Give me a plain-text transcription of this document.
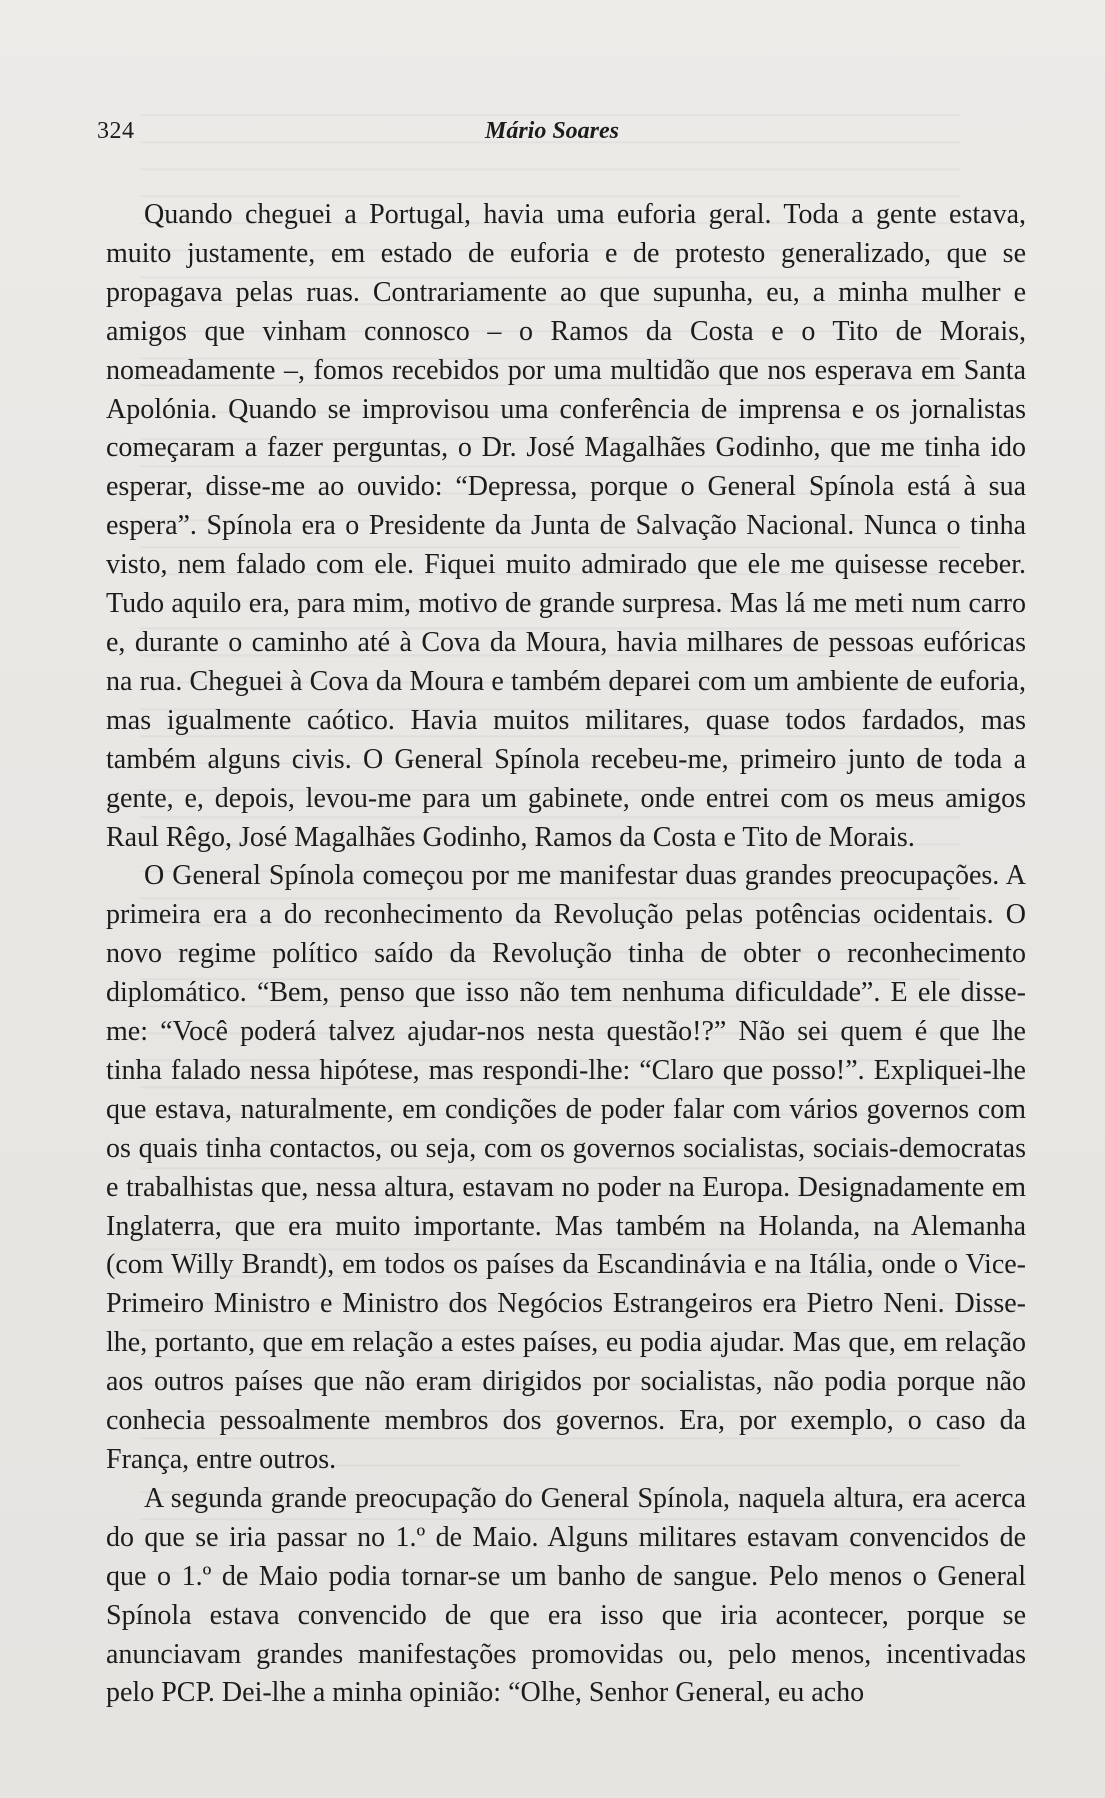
324	Mário Soares

Quando cheguei a Portugal, havia uma euforia geral. Toda a gente estava, muito justamente, em estado de euforia e de protesto generalizado, que se propagava pelas ruas. Contrariamente ao que supunha, eu, a minha mulher e amigos que vinham connosco – o Ramos da Costa e o Tito de Morais, nomeadamente –, fomos recebidos por uma multidão que nos esperava em Santa Apolónia. Quando se improvisou uma conferência de imprensa e os jornalistas começaram a fazer perguntas, o Dr. José Magalhães Godinho, que me tinha ido esperar, disse-me ao ouvido: “Depressa, porque o General Spínola está à sua espera”. Spínola era o Presidente da Junta de Salvação Nacional. Nunca o tinha visto, nem falado com ele. Fiquei muito admirado que ele me quisesse receber. Tudo aquilo era, para mim, motivo de grande surpresa. Mas lá me meti num carro e, durante o caminho até à Cova da Moura, havia milhares de pessoas eufóricas na rua. Cheguei à Cova da Moura e também deparei com um ambiente de euforia, mas igualmente caótico. Havia muitos militares, quase todos fardados, mas também alguns civis. O General Spínola recebeu-me, primeiro junto de toda a gente, e, depois, levou-me para um gabinete, onde entrei com os meus amigos Raul Rêgo, José Magalhães Godinho, Ramos da Costa e Tito de Morais.

O General Spínola começou por me manifestar duas grandes preocupações. A primeira era a do reconhecimento da Revolução pelas potências ocidentais. O novo regime político saído da Revolução tinha de obter o reconhecimento diplomático. “Bem, penso que isso não tem nenhuma dificuldade”. E ele disse-me: “Você poderá talvez ajudar-nos nesta questão!?” Não sei quem é que lhe tinha falado nessa hipótese, mas respondi-lhe: “Claro que posso!”. Expliquei-lhe que estava, naturalmente, em condições de poder falar com vários governos com os quais tinha contactos, ou seja, com os governos socialistas, sociais-democratas e trabalhistas que, nessa altura, estavam no poder na Europa. Designadamente em Inglaterra, que era muito importante. Mas também na Holanda, na Alemanha (com Willy Brandt), em todos os países da Escandinávia e na Itália, onde o Vice-Primeiro Ministro e Ministro dos Negócios Estrangeiros era Pietro Neni. Disse-lhe, portanto, que em relação a estes países, eu podia ajudar. Mas que, em relação aos outros países que não eram dirigidos por socialistas, não podia porque não conhecia pessoalmente membros dos governos. Era, por exemplo, o caso da França, entre outros.

A segunda grande preocupação do General Spínola, naquela altura, era acerca do que se iria passar no 1.º de Maio. Alguns militares estavam convencidos de que o 1.º de Maio podia tornar-se um banho de sangue. Pelo menos o General Spínola estava convencido de que era isso que iria acontecer, porque se anunciavam grandes manifestações promovidas ou, pelo menos, incentivadas pelo PCP. Dei-lhe a minha opinião: “Olhe, Senhor General, eu acho
